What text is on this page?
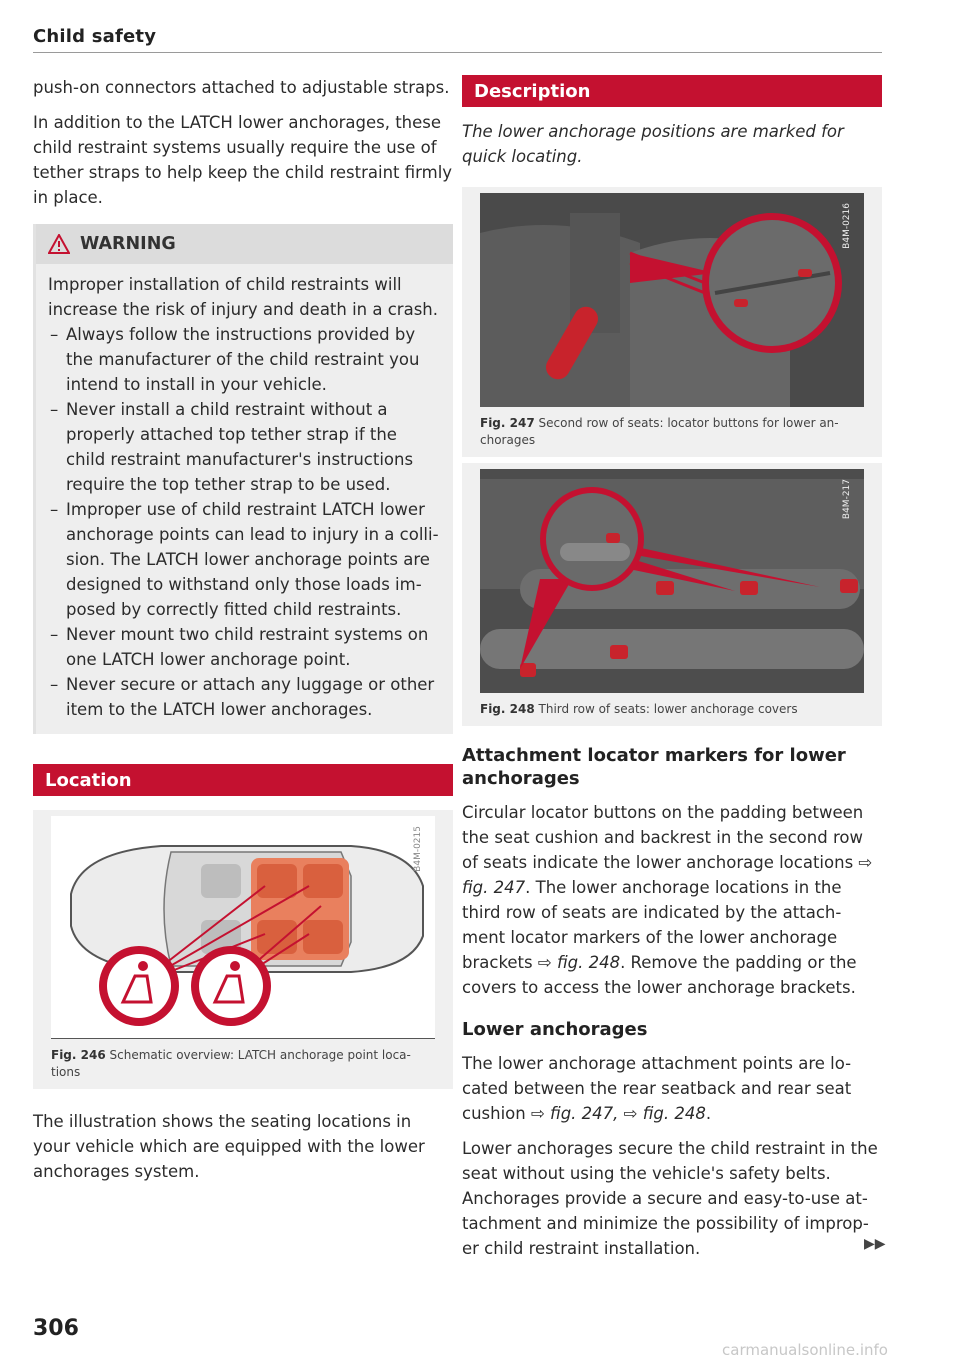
Child safety

push-on connectors attached to adjustable straps.

In addition to the LATCH lower anchorages, these child restraint systems usually require the use of tether straps to help keep the child restraint firmly in place.

WARNING

Improper installation of child restraints will increase the risk of injury and death in a crash.

– Always follow the instructions provided by the manufacturer of the child restraint you intend to install in your vehicle.
– Never install a child restraint without a properly attached top tether strap if the child restraint manufacturer's instructions require the top tether strap to be used.
– Improper use of child restraint LATCH lower anchorage points can lead to injury in a colli-sion. The LATCH lower anchorage points are designed to withstand only those loads im-posed by correctly fitted child restraints.
– Never mount two child restraint systems on one LATCH lower anchorage point.
– Never secure or attach any luggage or other item to the LATCH lower anchorages.
Location
B4M-0215
Fig. 246 Schematic overview: LATCH anchorage point loca-tions

The illustration shows the seating locations in your vehicle which are equipped with the lower anchorages system.

Description

The lower anchorage positions are marked for quick locating.

B4M-0216
Fig. 247 Second row of seats: locator buttons for lower an-chorages
B4M-217
Fig. 248 Third row of seats: lower anchorage covers
Attachment locator markers for lower anchorages

Circular locator buttons on the padding between the seat cushion and backrest in the second row of seats indicate the lower anchorage locations ⇨ fig. 247. The lower anchorage locations in the third row of seats are indicated by the attach-ment locator markers of the lower anchorage brackets ⇨ fig. 248. Remove the padding or the covers to access the lower anchorage brackets.

Lower anchorages

The lower anchorage attachment points are lo-cated between the rear seatback and rear seat cushion ⇨ fig. 247, ⇨ fig. 248.

Lower anchorages secure the child restraint in the seat without using the vehicle's safety belts. Anchorages provide a secure and easy-to-use at-tachment and minimize the possibility of improp-er child restraint installation.	▶▶
306
carmanualsonline.info
